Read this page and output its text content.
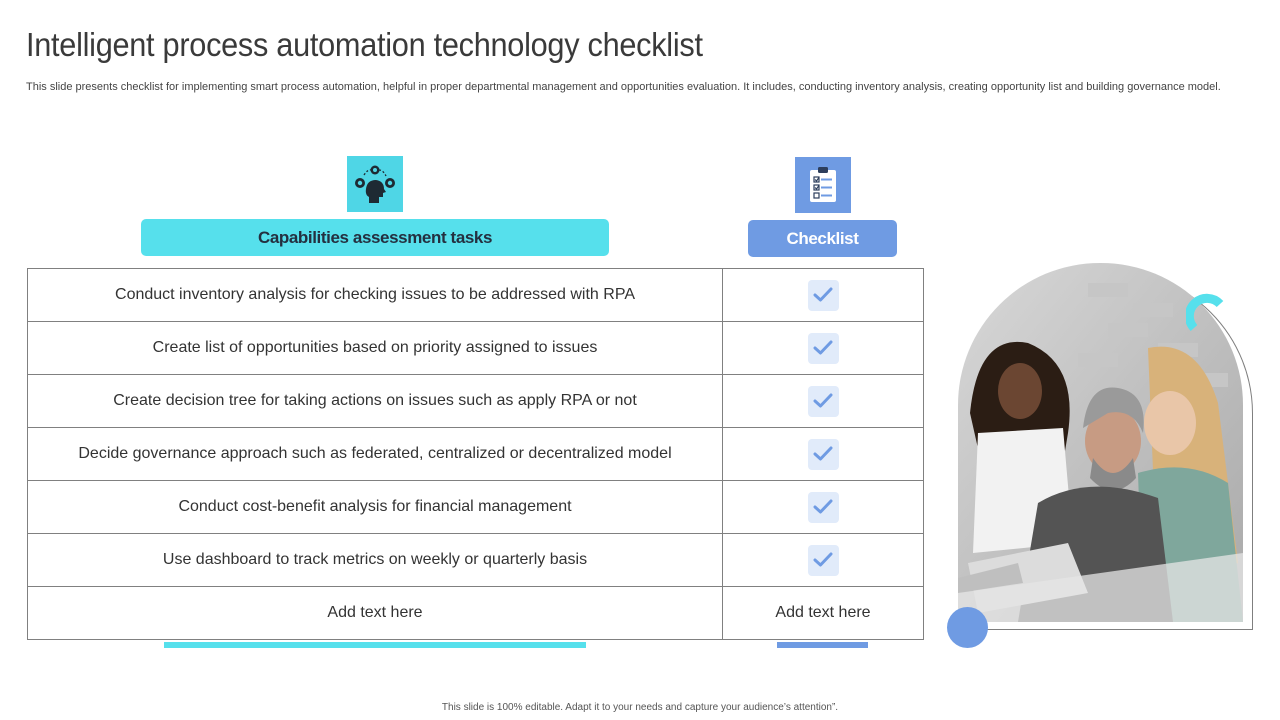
Intelligent process automation technology checklist

This slide presents checklist for implementing smart process automation, helpful in proper departmental management and opportunities evaluation. It includes, conducting inventory analysis, creating opportunity list and building governance model.

Capabilities assessment tasks	Checklist
Conduct inventory analysis for checking issues to be addressed with RPA	

Create list of opportunities based on priority assigned to issues	

Create decision tree for taking actions on issues such as apply RPA or not	

Decide governance approach such as federated, centralized or decentralized model	

Conduct cost-benefit analysis for financial management	

Use dashboard to track metrics on weekly or quarterly basis	

Add text here	Add text here
This slide is 100% editable. Adapt it to your needs and capture your audience’s attention”.
